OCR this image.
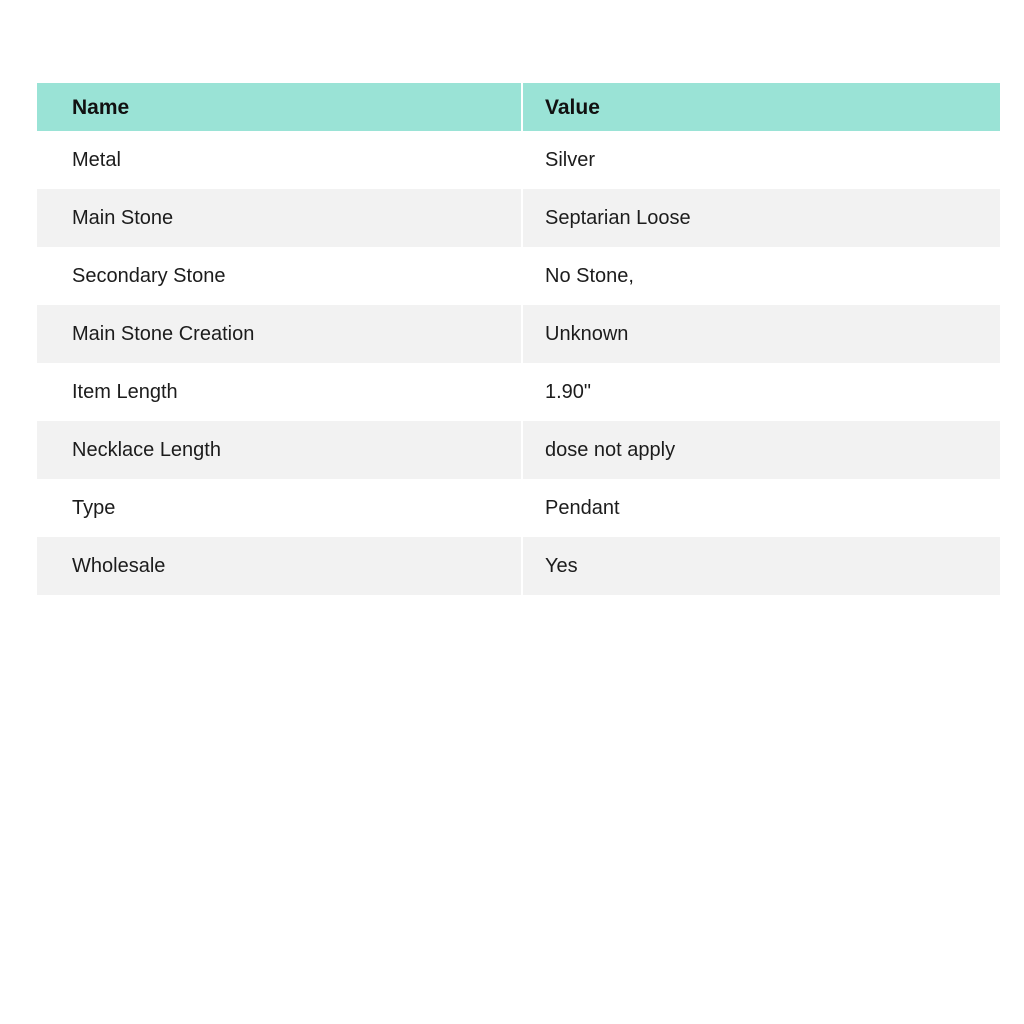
Name	Value
Metal	Silver
Main Stone	Septarian Loose
Secondary Stone	No Stone,
Main Stone Creation	Unknown
Item Length	1.90"
Necklace Length	dose not apply
Type	Pendant
Wholesale	Yes
